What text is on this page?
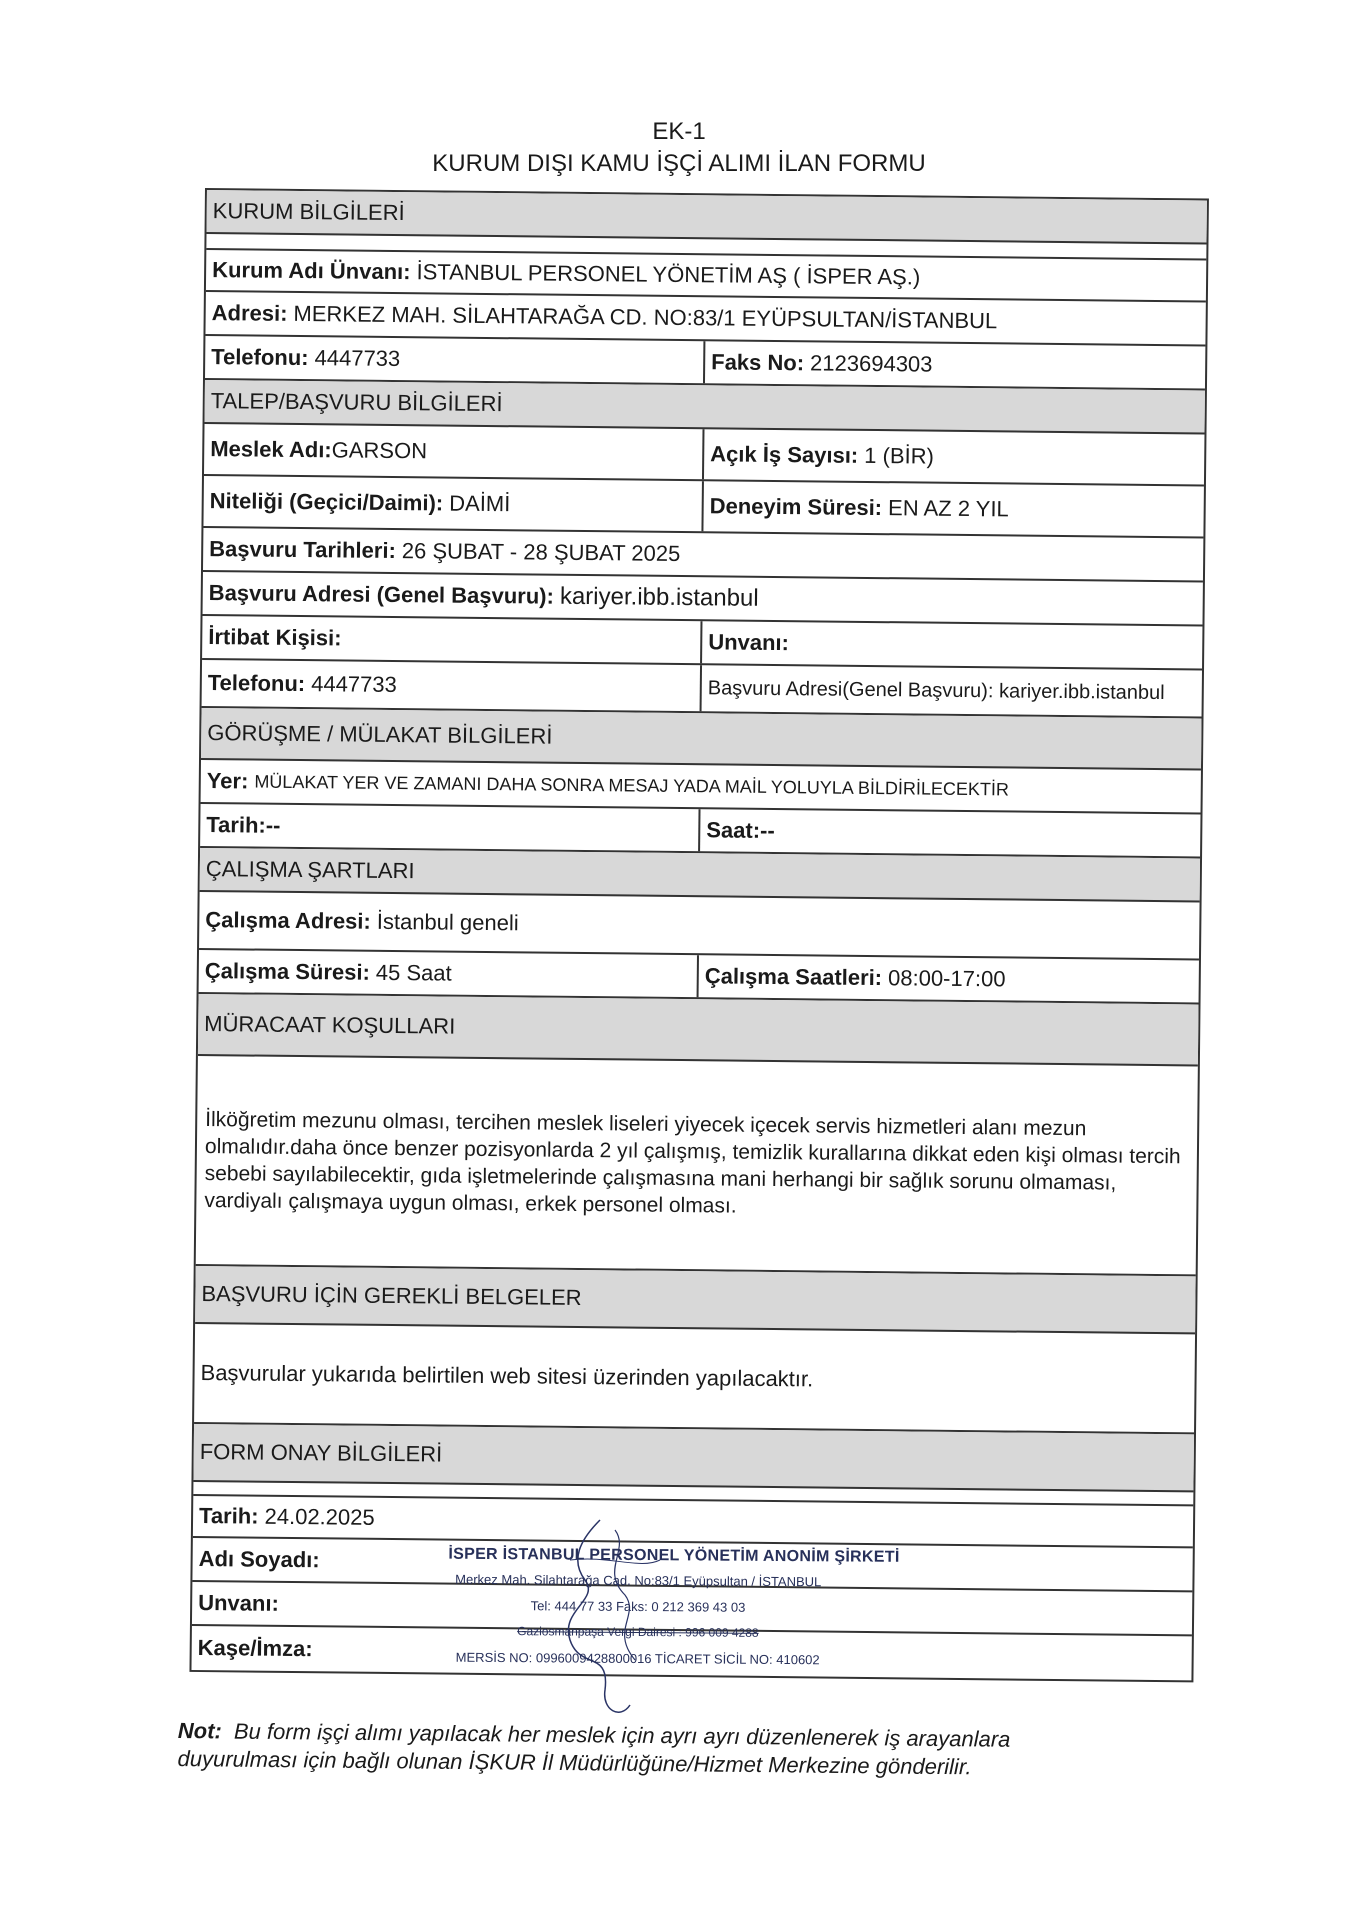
EK-1
KURUM DIŞI KAMU İŞÇİ ALIMI İLAN FORMU
KURUM BİLGİLERİ
Kurum Adı Ünvanı: İSTANBUL PERSONEL YÖNETİM AŞ ( İSPER AŞ.)
Adresi: MERKEZ MAH. SİLAHTARAĞA CD. NO:83/1 EYÜPSULTAN/İSTANBUL
Telefonu: 4447733	Faks No: 2123694303
TALEP/BAŞVURU BİLGİLERİ
Meslek Adı: GARSON	Açık İş Sayısı: 1 (BİR)
Niteliği (Geçici/Daimi): DAİMİ	Deneyim Süresi: EN AZ 2 YIL
Başvuru Tarihleri: 26 ŞUBAT - 28 ŞUBAT 2025
Başvuru Adresi (Genel Başvuru): kariyer.ibb.istanbul
İrtibat Kişisi:	Unvanı:
Telefonu: 4447733	Başvuru Adresi(Genel Başvuru): kariyer.ibb.istanbul
GÖRÜŞME / MÜLAKAT BİLGİLERİ
Yer: MÜLAKAT YER VE ZAMANI DAHA SONRA MESAJ YADA MAİL YOLUYLA BİLDİRİLECEKTİR
Tarih:--	Saat:--
ÇALIŞMA ŞARTLARI
Çalışma Adresi: İstanbul geneli
Çalışma Süresi: 45 Saat	Çalışma Saatleri: 08:00-17:00
MÜRACAAT KOŞULLARI
İlköğretim mezunu olması, tercihen meslek liseleri yiyecek içecek servis hizmetleri alanı mezun olmalıdır.daha önce benzer pozisyonlarda 2 yıl çalışmış, temizlik kurallarına dikkat eden kişi olması tercih sebebi sayılabilecektir, gıda işletmelerinde çalışmasına mani herhangi bir sağlık sorunu olmaması, vardiyalı çalışmaya uygun olması, erkek personel olması.
BAŞVURU İÇİN GEREKLİ BELGELER
Başvurular yukarıda belirtilen web sitesi üzerinden yapılacaktır.
FORM ONAY BİLGİLERİ
Tarih: 24.02.2025
Adı Soyadı:
Unvanı:
Kaşe/İmza:
İSPER İSTANBUL PERSONEL YÖNETİM ANONİM ŞİRKETİ
Merkez Mah. Silahtarağa Cad. No:83/1 Eyüpsultan / İSTANBUL
Tel: 444 77 33 Faks: 0 212 369 43 03
Gaziosmanpaşa Vergi Dairesi : 996 009 4288
MERSİS NO: 0996009428800016 TİCARET SİCİL NO: 410602
Not: Bu form işçi alımı yapılacak her meslek için ayrı ayrı düzenlenerek iş arayanlara duyurulması için bağlı olunan İŞKUR İl Müdürlüğüne/Hizmet Merkezine gönderilir.
